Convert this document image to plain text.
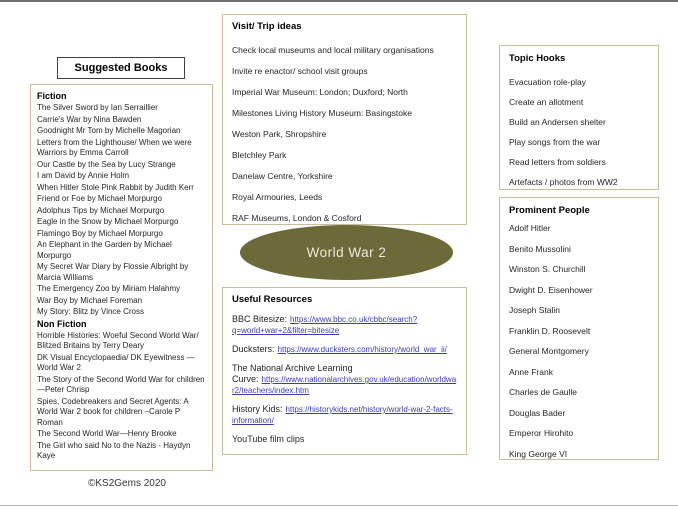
Suggested Books
Fiction
The Silver Sword by Ian Serraillier
Carrie's War by Nina Bawden
Goodnight Mr Tom by Michelle Magorian
Letters from the Lighthouse/ When we were Warriors by Emma Carroll
Our Castle by the Sea by Lucy Strange
I am David by Annie Holm
When Hitler Stole Pink Rabbit by Judith Kerr
Friend or Foe by Michael Morpurgo
Adolphus Tips by Michael Morpurgo
Eagle in the Snow by Michael Morpurgo
Flamingo Boy by Michael Morpurgo
An Elephant in the Garden by Michael Morpurgo
My Secret War Diary by Flossie Albright by Marcia Williams
The Emergency Zoo by Miriam Halahmy
War Boy by Michael Foreman
My Story: Blitz by Vince Cross
Non Fiction
Horrible Histories: Woeful Second World War/ Blitzed Britains by Terry Deary
DK Visual Encyclopaedia/ DK Eyewitness —World War 2
The Story of the Second World War for children—Peter Chrisp
Spies, Codebreakers and Secret Agents: A World War 2 book for children –Carole P Roman
The Second World War—Henry Brooke
The Girl who said No to the Nazis - Haydyn Kaye
Visit/ Trip ideas
Check local museums and local military organisations
Invite re enactor/ school visit groups
Imperial War Museum: London; Duxford; North
Milestones Living History Museum: Basingstoke
Weston Park, Shropshire
Bletchley Park
Danelaw Centre, Yorkshire
Royal Armouries, Leeds
RAF Museums, London & Cosford
World War 2
Useful Resources
BBC Bitesize: https://www.bbc.co.uk/cbbc/search?q=world+war+2&filter=bitesize
Ducksters: https://www.ducksters.com/history/world_war_ii/
The National Archive Learning Curve: https://www.nationalarchives.gov.uk/education/worldwar2/teachers/index.htm
History Kids: https://historykids.net/history/world-war-2-facts-information/
YouTube film clips
Topic Hooks
Evacuation role-play
Create an allotment
Build an Andersen shelter
Play songs from the war
Read letters from soldiers
Artefacts / photos from WW2
Prominent People
Adolf Hitler
Benito Mussolini
Winston S. Churchill
Dwight D. Eisenhower
Joseph Stalin
Franklin D. Roosevelt
General Montgomery
Anne Frank
Charles de Gaulle
Douglas Bader
Emperor Hirohito
King George VI
©KS2Gems 2020
